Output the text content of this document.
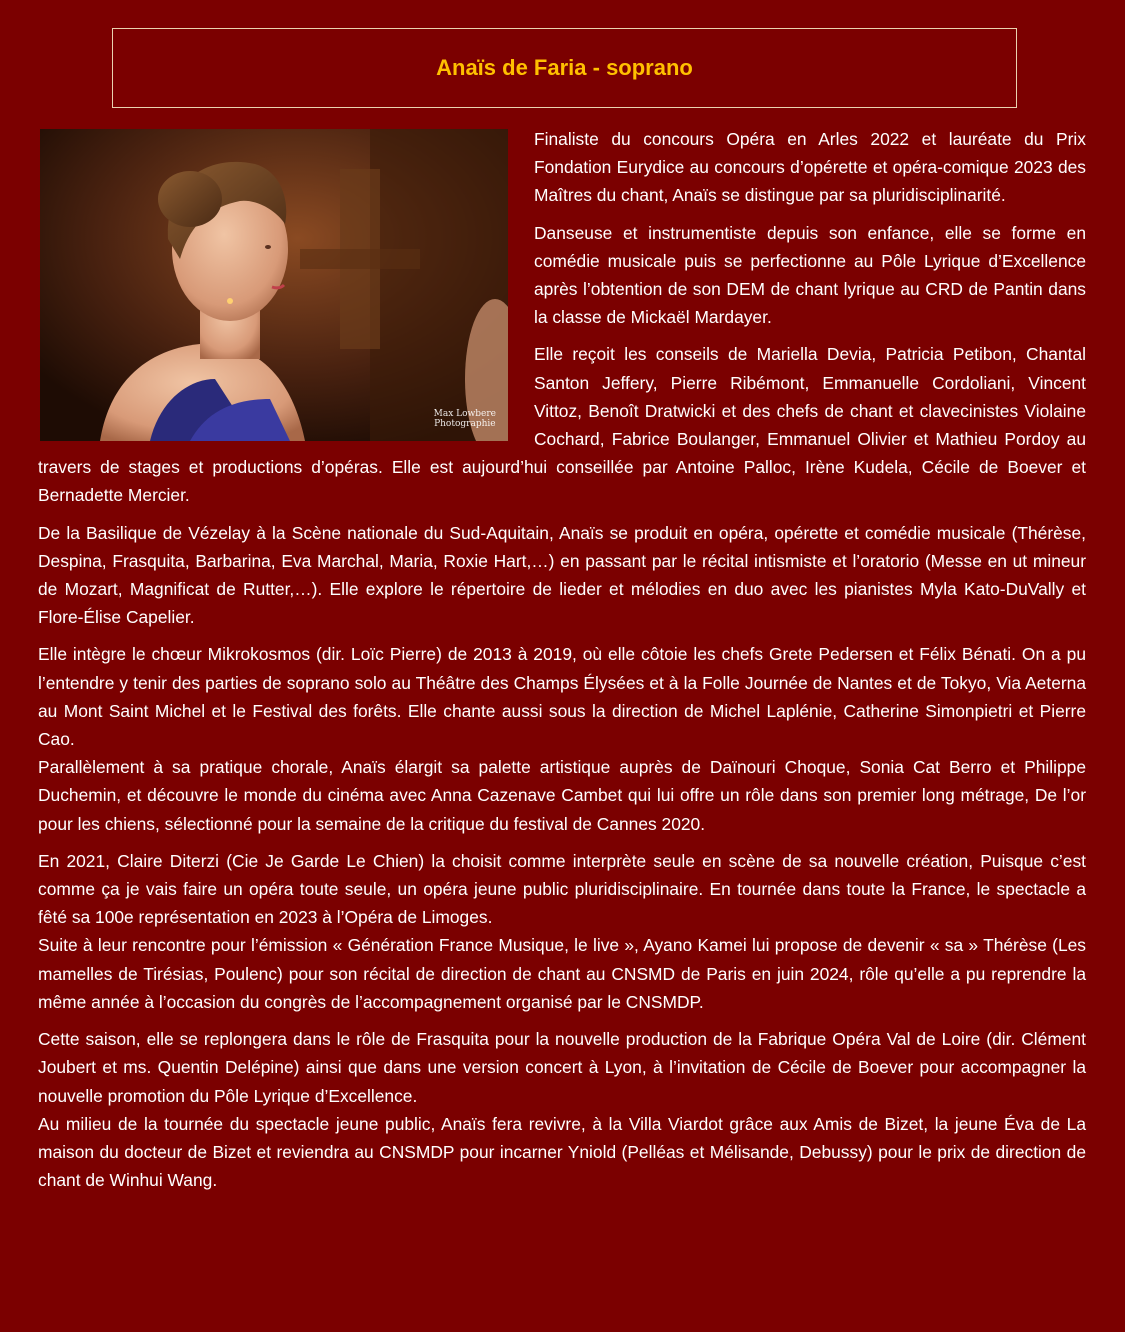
Anaïs de Faria - soprano
Max Lowbere
Photographie

Finaliste du concours Opéra en Arles 2022 et lauréate du Prix Fondation Eurydice au concours d’opérette et opéra-comique 2023 des Maîtres du chant, Anaïs se distingue par sa pluridisciplinarité.

Danseuse et instrumentiste depuis son enfance, elle se forme en comédie musicale puis se perfectionne au Pôle Lyrique d’Excellence après l’obtention de son DEM de chant lyrique au CRD de Pantin dans la classe de Mickaël Mardayer.

Elle reçoit les conseils de Mariella Devia, Patricia Petibon, Chantal Santon Jeffery, Pierre Ribémont, Emmanuelle Cordoliani, Vincent Vittoz, Benoît Dratwicki et des chefs de chant et clavecinistes Violaine Cochard, Fabrice Boulanger, Emmanuel Olivier et Mathieu Pordoy au travers de stages et productions d’opéras. Elle est aujourd’hui conseillée par Antoine Palloc, Irène Kudela, Cécile de Boever et Bernadette Mercier.

De la Basilique de Vézelay à la Scène nationale du Sud-Aquitain, Anaïs se produit en opéra, opérette et comédie musicale (Thérèse, Despina, Frasquita, Barbarina, Eva Marchal, Maria, Roxie Hart,…) en passant par le récital intismiste et l’oratorio (Messe en ut mineur de Mozart, Magnificat de Rutter,…). Elle explore le répertoire de lieder et mélodies en duo avec les pianistes Myla Kato-DuVally et Flore-Élise Capelier.

Elle intègre le chœur Mikrokosmos (dir. Loïc Pierre) de 2013 à 2019, où elle côtoie les chefs Grete Pedersen et Félix Bénati. On a pu l’entendre y tenir des parties de soprano solo au Théâtre des Champs Élysées et à la Folle Journée de Nantes et de Tokyo, Via Aeterna au Mont Saint Michel et le Festival des forêts. Elle chante aussi sous la direction de Michel Laplénie, Catherine Simonpietri et Pierre Cao.

Parallèlement à sa pratique chorale, Anaïs élargit sa palette artistique auprès de Daïnouri Choque, Sonia Cat Berro et Philippe Duchemin, et découvre le monde du cinéma avec Anna Cazenave Cambet qui lui offre un rôle dans son premier long métrage, De l’or pour les chiens, sélectionné pour la semaine de la critique du festival de Cannes 2020.

En 2021, Claire Diterzi (Cie Je Garde Le Chien) la choisit comme interprète seule en scène de sa nouvelle création, Puisque c’est comme ça je vais faire un opéra toute seule, un opéra jeune public pluridisciplinaire. En tournée dans toute la France, le spectacle a fêté sa 100e représentation en 2023 à l’Opéra de Limoges.

Suite à leur rencontre pour l’émission « Génération France Musique, le live », Ayano Kamei lui propose de devenir « sa » Thérèse (Les mamelles de Tirésias, Poulenc) pour son récital de direction de chant au CNSMD de Paris en juin 2024, rôle qu’elle a pu reprendre la même année à l’occasion du congrès de l’accompagnement organisé par le CNSMDP.

Cette saison, elle se replongera dans le rôle de Frasquita pour la nouvelle production de la Fabrique Opéra Val de Loire (dir. Clément Joubert et ms. Quentin Delépine) ainsi que dans une version concert à Lyon, à l’invitation de Cécile de Boever pour accompagner la nouvelle promotion du Pôle Lyrique d’Excellence.

Au milieu de la tournée du spectacle jeune public, Anaïs fera revivre, à la Villa Viardot grâce aux Amis de Bizet, la jeune Éva de La maison du docteur de Bizet et reviendra au CNSMDP pour incarner Yniold (Pelléas et Mélisande, Debussy) pour le prix de direction de chant de Winhui Wang.
